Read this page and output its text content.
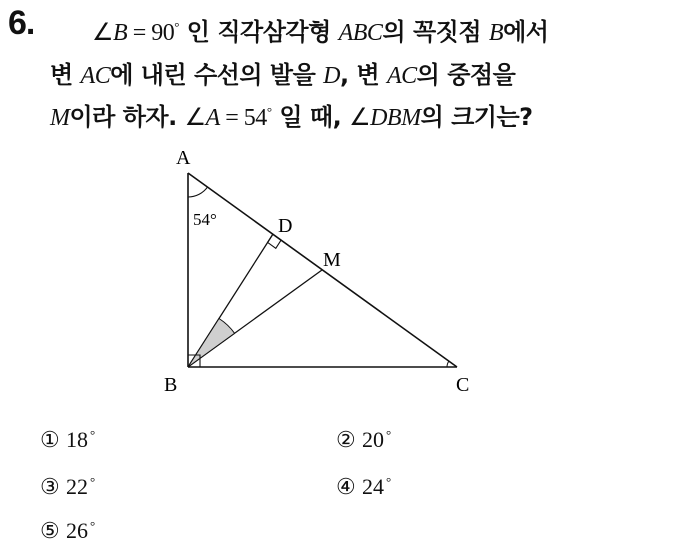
6. ∠B = 90° 인 직각삼각형 ABC의 꼭짓점 B에서
변 AC에 내린 수선의 발을 D, 변 AC의 중점을
M이라 하자. ∠A = 54° 일 때, ∠DBM의 크기는?
A
B	C
D
M
54°
① 18 °	② 20 °
③ 22 °	④ 24 °
⑤ 26 °
